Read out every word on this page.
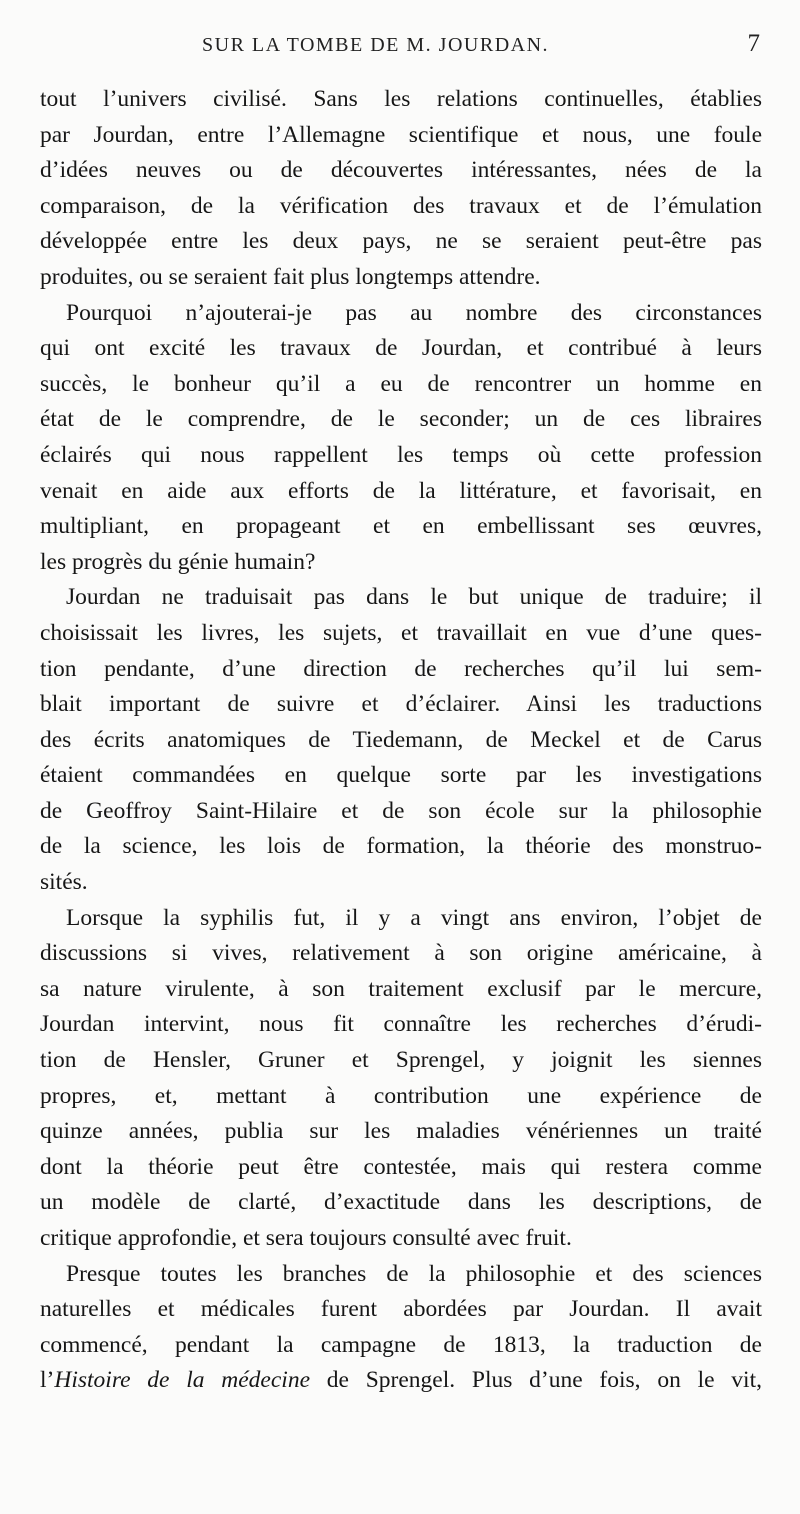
SUR LA TOMBE DE M. JOURDAN.	7
tout l’univers civilisé. Sans les relations continuelles, établies
par Jourdan, entre l’Allemagne scientifique et nous, une foule
d’idées neuves ou de découvertes intéressantes, nées de la
comparaison, de la vérification des travaux et de l’émulation
développée entre les deux pays, ne se seraient peut-être pas
produites, ou se seraient fait plus longtemps attendre.
Pourquoi n’ajouterai-je pas au nombre des circonstances
qui ont excité les travaux de Jourdan, et contribué à leurs
succès, le bonheur qu’il a eu de rencontrer un homme en
état de le comprendre, de le seconder; un de ces libraires
éclairés qui nous rappellent les temps où cette profession
venait en aide aux efforts de la littérature, et favorisait, en
multipliant, en propageant et en embellissant ses œuvres,
les progrès du génie humain?
Jourdan ne traduisait pas dans le but unique de traduire; il
choisissait les livres, les sujets, et travaillait en vue d’une ques-
tion pendante, d’une direction de recherches qu’il lui sem-
blait important de suivre et d’éclairer. Ainsi les traductions
des écrits anatomiques de Tiedemann, de Meckel et de Carus
étaient commandées en quelque sorte par les investigations
de Geoffroy Saint-Hilaire et de son école sur la philosophie
de la science, les lois de formation, la théorie des monstruo-
sités.
Lorsque la syphilis fut, il y a vingt ans environ, l’objet de
discussions si vives, relativement à son origine américaine, à
sa nature virulente, à son traitement exclusif par le mercure,
Jourdan intervint, nous fit connaître les recherches d’érudi-
tion de Hensler, Gruner et Sprengel, y joignit les siennes
propres, et, mettant à contribution une expérience de
quinze années, publia sur les maladies vénériennes un traité
dont la théorie peut être contestée, mais qui restera comme
un modèle de clarté, d’exactitude dans les descriptions, de
critique approfondie, et sera toujours consulté avec fruit.
Presque toutes les branches de la philosophie et des sciences
naturelles et médicales furent abordées par Jourdan. Il avait
commencé, pendant la campagne de 1813, la traduction de
l’Histoire de la médecine de Sprengel. Plus d’une fois, on le vit,
